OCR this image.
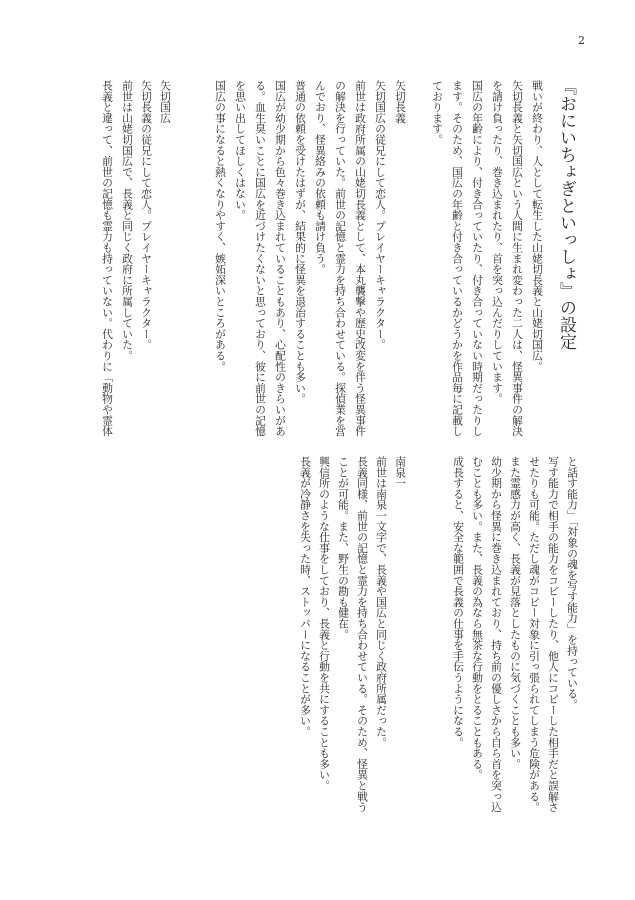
2
『おにいちょぎといっしょ』の設定
戦いが終わり、人として転生した山姥切長義と山姥切国広。
矢切長義と矢切国広という人間に生まれ変わった二人は、怪異事件の解決
を請け負ったり、巻き込まれたり、首を突っ込んだりしています。
国広の年齢により、付き合っていたり、付き合っていない時期だったりし
ます。そのため、国広の年齢と付き合っているかどうかを作品毎に記載し
ております。
矢切長義
矢切国広の従兄にして恋人。プレイヤーキャラクター。
前世は政府所属の山姥切長義として、本丸襲撃や歴史改変を伴う怪異事件
の解決を行っていた。前世の記憶と霊力を持ち合わせている。探偵業を営
んでおり、怪異絡みの依頼も請け負う。
普通の依頼を受けたはずが、結果的に怪異を退治することも多い。
国広が幼少期から色々巻き込まれていることもあり、心配性のきらいがあ
る。血生臭いことに国広を近づけたくないと思っており、彼に前世の記憶
を思い出してほしくはない。
国広の事になると熱くなりやすく、嫉妬深いところがある。
矢切国広
矢切長義の従兄にして恋人。プレイヤーキャラクター。
前世は山姥切国広で、長義と同じく政府に所属していた。
長義と違って、前世の記憶も霊力も持っていない。代わりに「動物や霊体
と話す能力」「対象の魂を写す能力」を持っている。
写す能力で相手の能力をコピーしたり、他人にコピーした相手だと誤解さ
せたりも可能。ただし魂がコピー対象に引っ張られてしまう危険がある。
また霊感力が高く、長義が見落としたものに気づくことも多い。
幼少期から怪異に巻き込まれており、持ち前の優しさから自ら首を突っ込
むことも多い。また、長義の為なら無茶な行動をとることもある。
成長すると、安全な範囲で長義の仕事を手伝うようになる。
南泉一
前世は南泉一文字で、長義や国広と同じく政府所属だった。
長義同様、前世の記憶と霊力を持ち合わせている。そのため、怪異と戦う
ことが可能。また、野生の勘も健在。
興信所のような仕事をしており、長義と行動を共にすることも多い。
長義が冷静さを失った時、ストッパーになることが多い。
